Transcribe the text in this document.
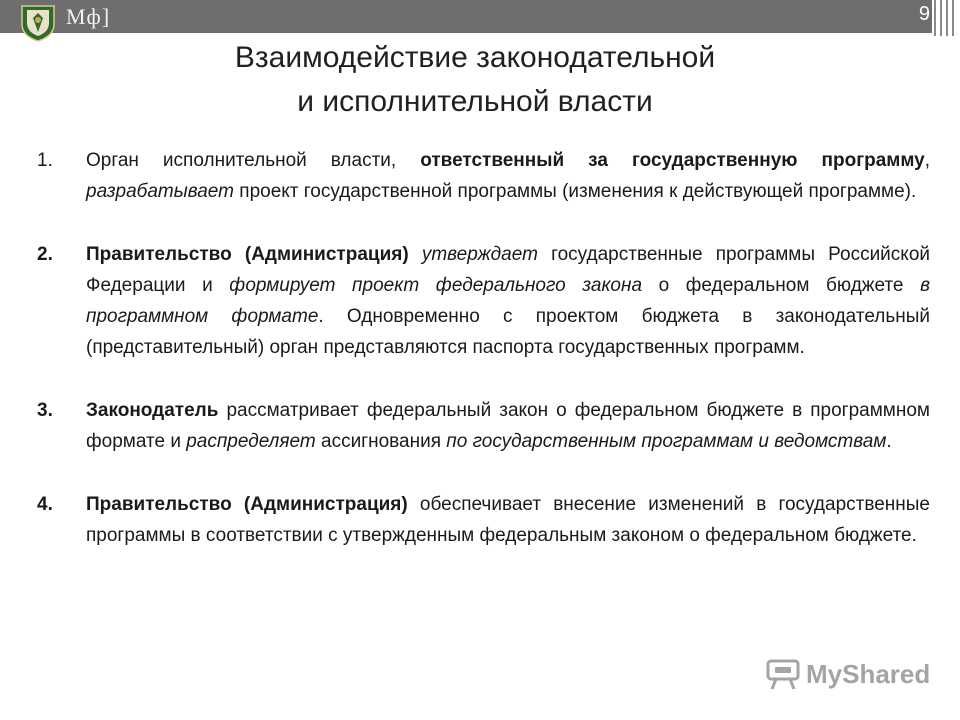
Мф]	9
Взаимодействие законодательной
и исполнительной власти
1.	Орган исполнительной власти, ответственный за государственную программу, разрабатывает проект государственной программы (изменения к действующей программе).
2.	Правительство (Администрация) утверждает государственные программы Российской Федерации и формирует проект федерального закона о федеральном бюджете в программном формате. Одновременно с проектом бюджета в законодательный (представительный) орган представляются паспорта государственных программ.
3.	Законодатель рассматривает федеральный закон о федеральном бюджете в программном формате и распределяет ассигнования по государственным программам и ведомствам.
4.	Правительство (Администрация) обеспечивает внесение изменений в государственные программы в соответствии с утвержденным федеральным законом о федеральном бюджете.
MyShared
